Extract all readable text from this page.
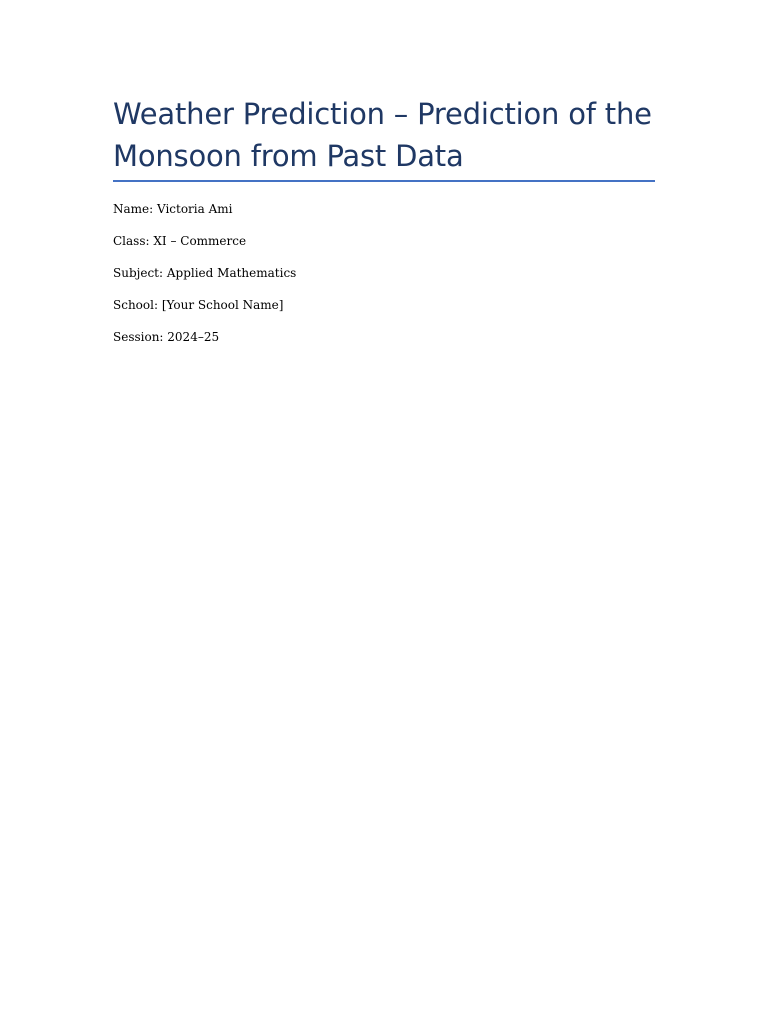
Weather Prediction – Prediction of the Monsoon from Past Data
Name: Victoria Ami
Class: XI – Commerce
Subject: Applied Mathematics
School: [Your School Name]
Session: 2024–25
